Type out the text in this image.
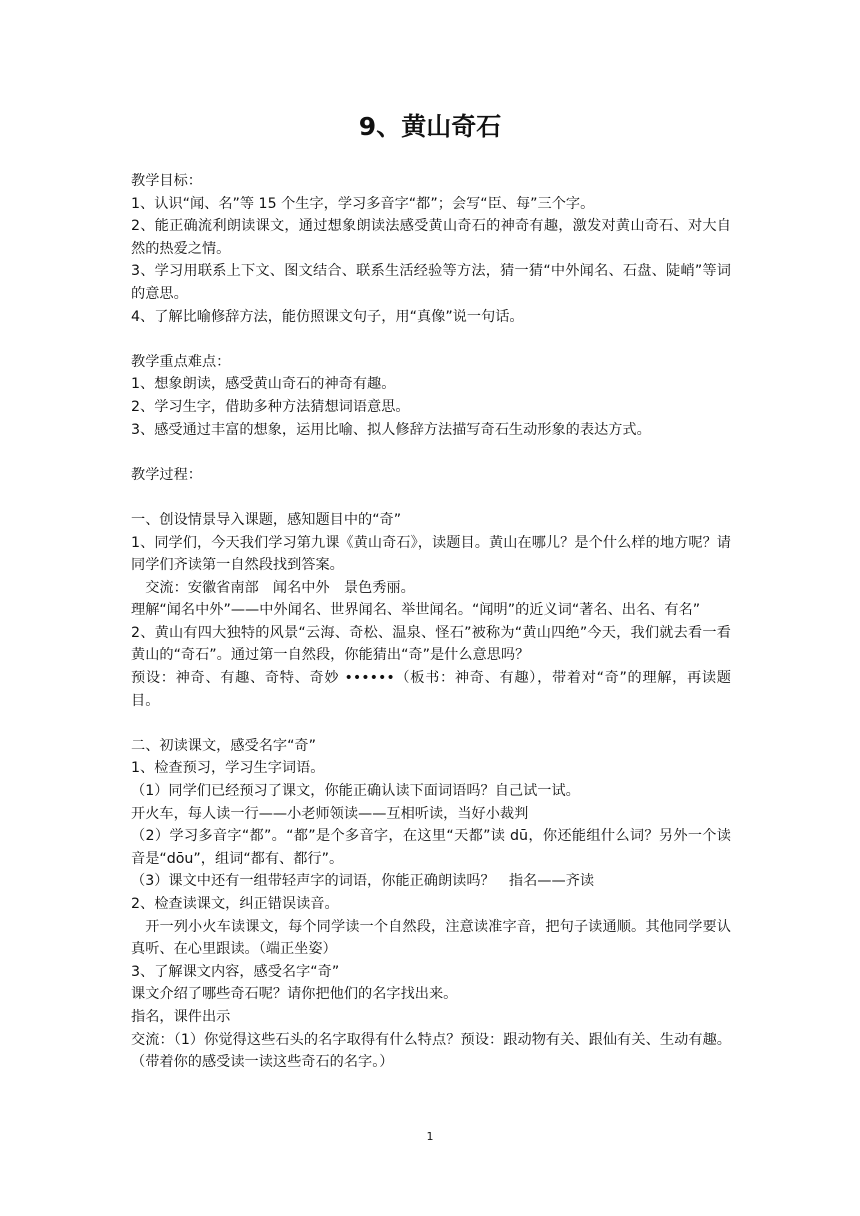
9、黄山奇石

教学目标：

1、认识“闻、名”等 15 个生字，学习多音字“都”；会写“臣、每”三个字。

2、能正确流利朗读课文，通过想象朗读法感受黄山奇石的神奇有趣，激发对黄山奇石、对大自然的热爱之情。

3、学习用联系上下文、图文结合、联系生活经验等方法，猜一猜“中外闻名、石盘、陡峭”等词的意思。

4、了解比喻修辞方法，能仿照课文句子，用“真像”说一句话。

教学重点难点：

1、想象朗读，感受黄山奇石的神奇有趣。

2、学习生字，借助多种方法猜想词语意思。

3、感受通过丰富的想象，运用比喻、拟人修辞方法描写奇石生动形象的表达方式。

教学过程：

一、创设情景导入课题，感知题目中的“奇”

1、同学们，今天我们学习第九课《黄山奇石》，读题目。黄山在哪儿？是个什么样的地方呢？请同学们齐读第一自然段找到答案。

交流：安徽省南部　闻名中外　景色秀丽。

理解“闻名中外”——中外闻名、世界闻名、举世闻名。“闻明”的近义词“著名、出名、有名”

2、黄山有四大独特的风景“云海、奇松、温泉、怪石”被称为“黄山四绝”今天，我们就去看一看黄山的“奇石”。通过第一自然段，你能猜出“奇”是什么意思吗？

预设：神奇、有趣、奇特、奇妙 ••••••（板书：神奇、有趣），带着对“奇”的理解，再读题目。

二、初读课文，感受名字“奇”

1、检查预习，学习生字词语。

（1）同学们已经预习了课文，你能正确认读下面词语吗？自己试一试。

开火车，每人读一行——小老师领读——互相听读，当好小裁判

（2）学习多音字“都”。“都”是个多音字，在这里“天都”读 dū，你还能组什么词？另外一个读音是“dōu”，组词“都有、都行”。

（3）课文中还有一组带轻声字的词语，你能正确朗读吗？　指名——齐读

2、检查读课文，纠正错误读音。

开一列小火车读课文，每个同学读一个自然段，注意读准字音，把句子读通顺。其他同学要认真听、在心里跟读。（端正坐姿）

3、了解课文内容，感受名字“奇”

课文介绍了哪些奇石呢？请你把他们的名字找出来。

指名，课件出示

交流：（1）你觉得这些石头的名字取得有什么特点？预设：跟动物有关、跟仙有关、生动有趣。（带着你的感受读一读这些奇石的名字。）

1
